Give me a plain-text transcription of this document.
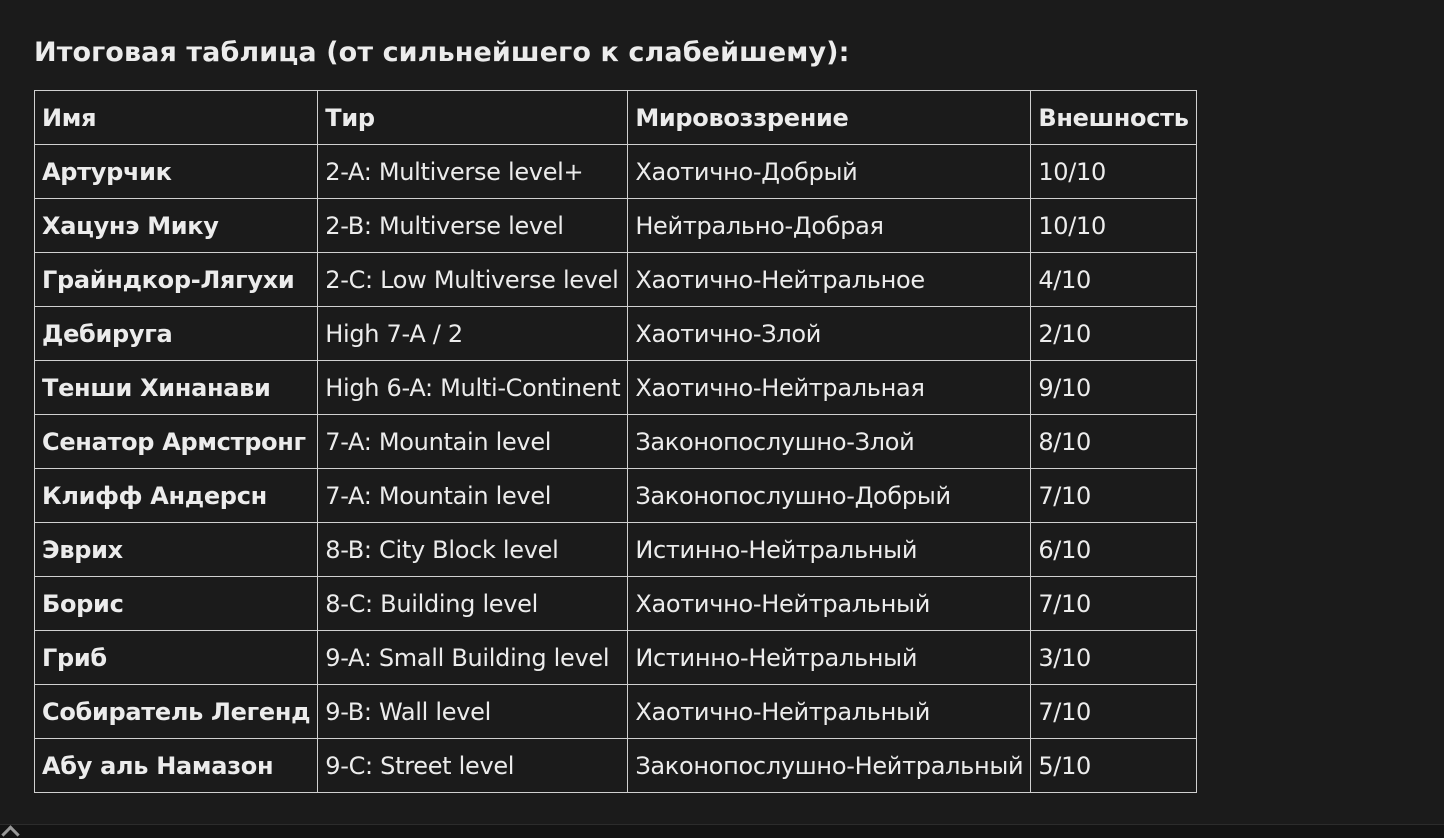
Итоговая таблица (от сильнейшего к слабейшему):
Имя	Тир	Мировоззрение	Внешность
Артурчик	2-A: Multiverse level+	Хаотично-Добрый	10/10
Хацунэ Мику	2-B: Multiverse level	Нейтрально-Добрая	10/10
Грайндкор-Лягухи	2-C: Low Multiverse level	Хаотично-Нейтральное	4/10
Дебируга	High 7-A / 2	Хаотично-Злой	2/10
Тенши Хинанави	High 6-A: Multi-Continent	Хаотично-Нейтральная	9/10
Сенатор Армстронг	7-A: Mountain level	Законопослушно-Злой	8/10
Клифф Андерсн	7-A: Mountain level	Законопослушно-Добрый	7/10
Эврих	8-B: City Block level	Истинно-Нейтральный	6/10
Борис	8-C: Building level	Хаотично-Нейтральный	7/10
Гриб	9-A: Small Building level	Истинно-Нейтральный	3/10
Собиратель Легенд	9-B: Wall level	Хаотично-Нейтральный	7/10
Абу аль Намазон	9-C: Street level	Законопослушно-Нейтральный	5/10
